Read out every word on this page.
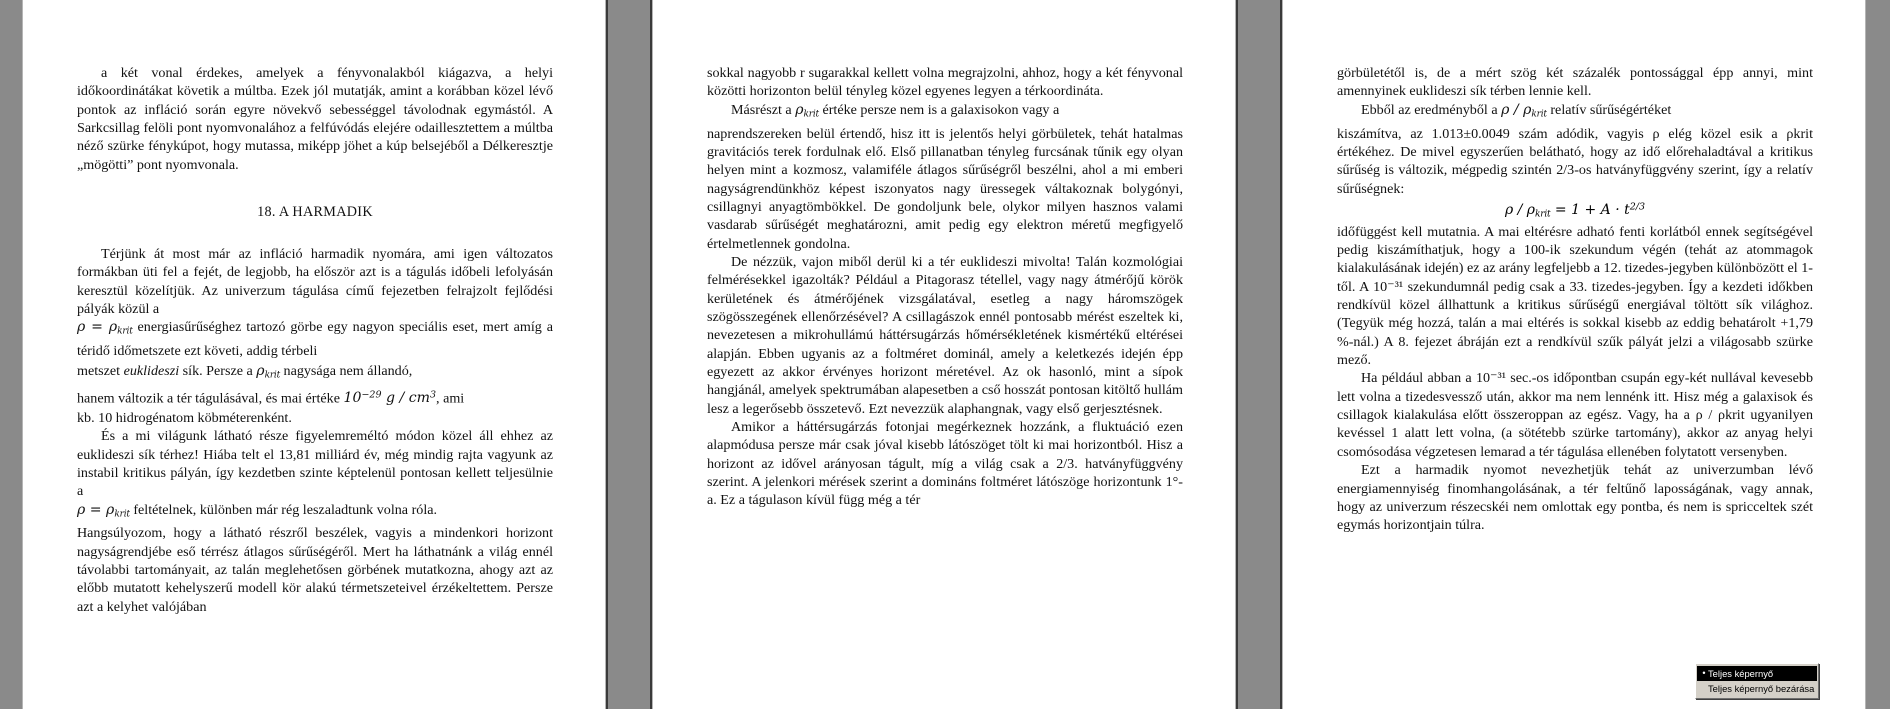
a két vonal érdekes, amelyek a fényvonalakból kiágazva, a helyi időkoordinátákat követik a múltba. Ezek jól mutatják, amint a korábban közel lévő pontok az infláció során egyre növekvő sebességgel távolodnak egymástól. A Sarkcsillag felöli pont nyomvonalához a felfúvódás elejére odaillesztettem a múltba néző szürke fénykúpot, hogy mutassa, miképp jöhet a kúp belsejéből a Délkeresztje „mögötti” pont nyomvonala.

18. A HARMADIK

Térjünk át most már az infláció harmadik nyomára, ami igen változatos formákban üti fel a fejét, de legjobb, ha először azt is a tágulás időbeli lefolyásán keresztül közelítjük. Az univerzum tágulása című fejezetben felrajzolt fejlődési pályák közül a

$\rho = \rho_{krit}$ energiasűrűséghez tartozó görbe egy nagyon speciális eset, mert amíg a téridő időmetszete ezt követi, addig térbeli

metszet euklideszi sík. Persze a $\rho_{krit}$ nagysága nem állandó,

hanem változik a tér tágulásával, és mai értéke $10^{-29}$ g / $cm^3$, ami

kb. 10 hidrogénatom köbméterenként.

És a mi világunk látható része figyelemreméltó módon közel áll ehhez az euklideszi sík térhez! Hiába telt el 13,81 milliárd év, még mindig rajta vagyunk az instabil kritikus pályán, így kezdetben szinte képtelenül pontosan kellett teljesülnie a

$\rho = \rho_{krit}$ feltételnek, különben már rég leszaladtunk volna róla.

Hangsúlyozom, hogy a látható részről beszélek, vagyis a mindenkori horizont nagyságrendjébe eső térrész átlagos sűrűségéről. Mert ha láthatnánk a világ ennél távolabbi tartományait, az talán meglehetősen görbének mutatkozna, ahogy azt az előbb mutatott kehelyszerű modell kör alakú térmetszeteivel érzékeltettem. Persze azt a kelyhet valójában

sokkal nagyobb r sugarakkal kellett volna megrajzolni, ahhoz, hogy a két fényvonal közötti horizonton belül tényleg közel egyenes legyen a térkoordináta.

Másrészt a $\rho_{krit}$ értéke persze nem is a galaxisokon vagy a

naprendszereken belül értendő, hisz itt is jelentős helyi görbületek, tehát hatalmas gravitációs terek fordulnak elő. Első pillanatban tényleg furcsának tűnik egy olyan helyen mint a kozmosz, valamiféle átlagos sűrűségről beszélni, ahol a mi emberi nagyságrendünkhöz képest iszonyatos nagy üressegek váltakoznak bolygónyi, csillagnyi anyagtömbökkel. De gondoljunk bele, olykor milyen hasznos valami vasdarab sűrűségét meghatározni, amit pedig egy elektron méretű megfigyelő értelmetlennek gondolna.

De nézzük, vajon miből derül ki a tér euklideszi mivolta! Talán kozmológiai felmérésekkel igazolták? Például a Pitagorasz tétellel, vagy nagy átmérőjű körök kerületének és átmérőjének vizsgálatával, esetleg a nagy háromszögek szögösszegének ellenőrzésével? A csillagászok ennél pontosabb mérést eszeltek ki, nevezetesen a mikrohullámú háttérsugárzás hőmérsékletének kismértékű eltérései alapján. Ebben ugyanis az a foltméret dominál, amely a keletkezés idején épp egyezett az akkor érvényes horizont méretével. Az ok hasonló, mint a sípok hangjánál, amelyek spektrumában alapesetben a cső hosszát pontosan kitöltő hullám lesz a legerősebb összetevő. Ezt nevezzük alaphangnak, vagy első gerjesztésnek.

Amikor a háttérsugárzás fotonjai megérkeznek hozzánk, a fluktuáció ezen alapmódusa persze már csak jóval kisebb látószöget tölt ki mai horizontból. Hisz a horizont az idővel arányosan tágult, míg a világ csak a 2/3. hatványfüggvény szerint. A jelenkori mérések szerint a domináns foltméret látószöge horizontunk 1°-a. Ez a tágulason kívül függ még a tér

görbületétől is, de a mért szög két százalék pontossággal épp annyi, mint amennyinek euklideszi sík térben lennie kell.

Ebből az eredményből a ρ / $\rho_{krit}$ relatív sűrűségértéket

kiszámítva, az 1.013±0.0049 szám adódik, vagyis ρ elég közel esik a ρkrit értékéhez. De mivel egyszerűen belátható, hogy az idő előrehaladtával a kritikus sűrűség is változik, mégpedig szintén 2/3-os hatványfüggvény szerint, így a relatív sűrűségnek:

$\rho / \rho_{krit} = 1 + A \cdot t^{2/3}$

időfüggést kell mutatnia. A mai eltérésre adható fenti korlátból ennek segítségével pedig kiszámíthatjuk, hogy a 100-ik szekundum végén (tehát az atommagok kialakulásának idején) ez az arány legfeljebb a 12. tizedes-jegyben különbözött el 1-től. A 10⁻³¹ szekundumnál pedig csak a 33. tizedes-jegyben. Így a kezdeti időkben rendkívül közel állhattunk a kritikus sűrűségű energiával töltött sík világhoz. (Tegyük még hozzá, talán a mai eltérés is sokkal kisebb az eddig behatárolt +1,79 %-nál.) A 8. fejezet ábráján ezt a rendkívül szűk pályát jelzi a világosabb szürke mező.

Ha például abban a 10⁻³¹ sec.-os időpontban csupán egy-két nullával kevesebb lett volna a tizedesvessző után, akkor ma nem lennénk itt. Hisz még a galaxisok és csillagok kialakulása előtt összeroppan az egész. Vagy, ha a ρ / ρkrit ugyanilyen kevéssel 1 alatt lett volna, (a sötétebb szürke tartomány), akkor az anyag helyi csomósodása végzetesen lemarad a tér tágulása ellenében folytatott versenyben.

Ezt a harmadik nyomot nevezhetjük tehát az univerzumban lévő energiamennyiség finomhangolásának, a tér feltűnő laposságának, vagy annak, hogy az univerzum részecskéi nem omlottak egy pontba, és nem is spricceltek szét egymás horizontjain túlra.

• Teljes képernyő
Teljes képernyő bezárása
